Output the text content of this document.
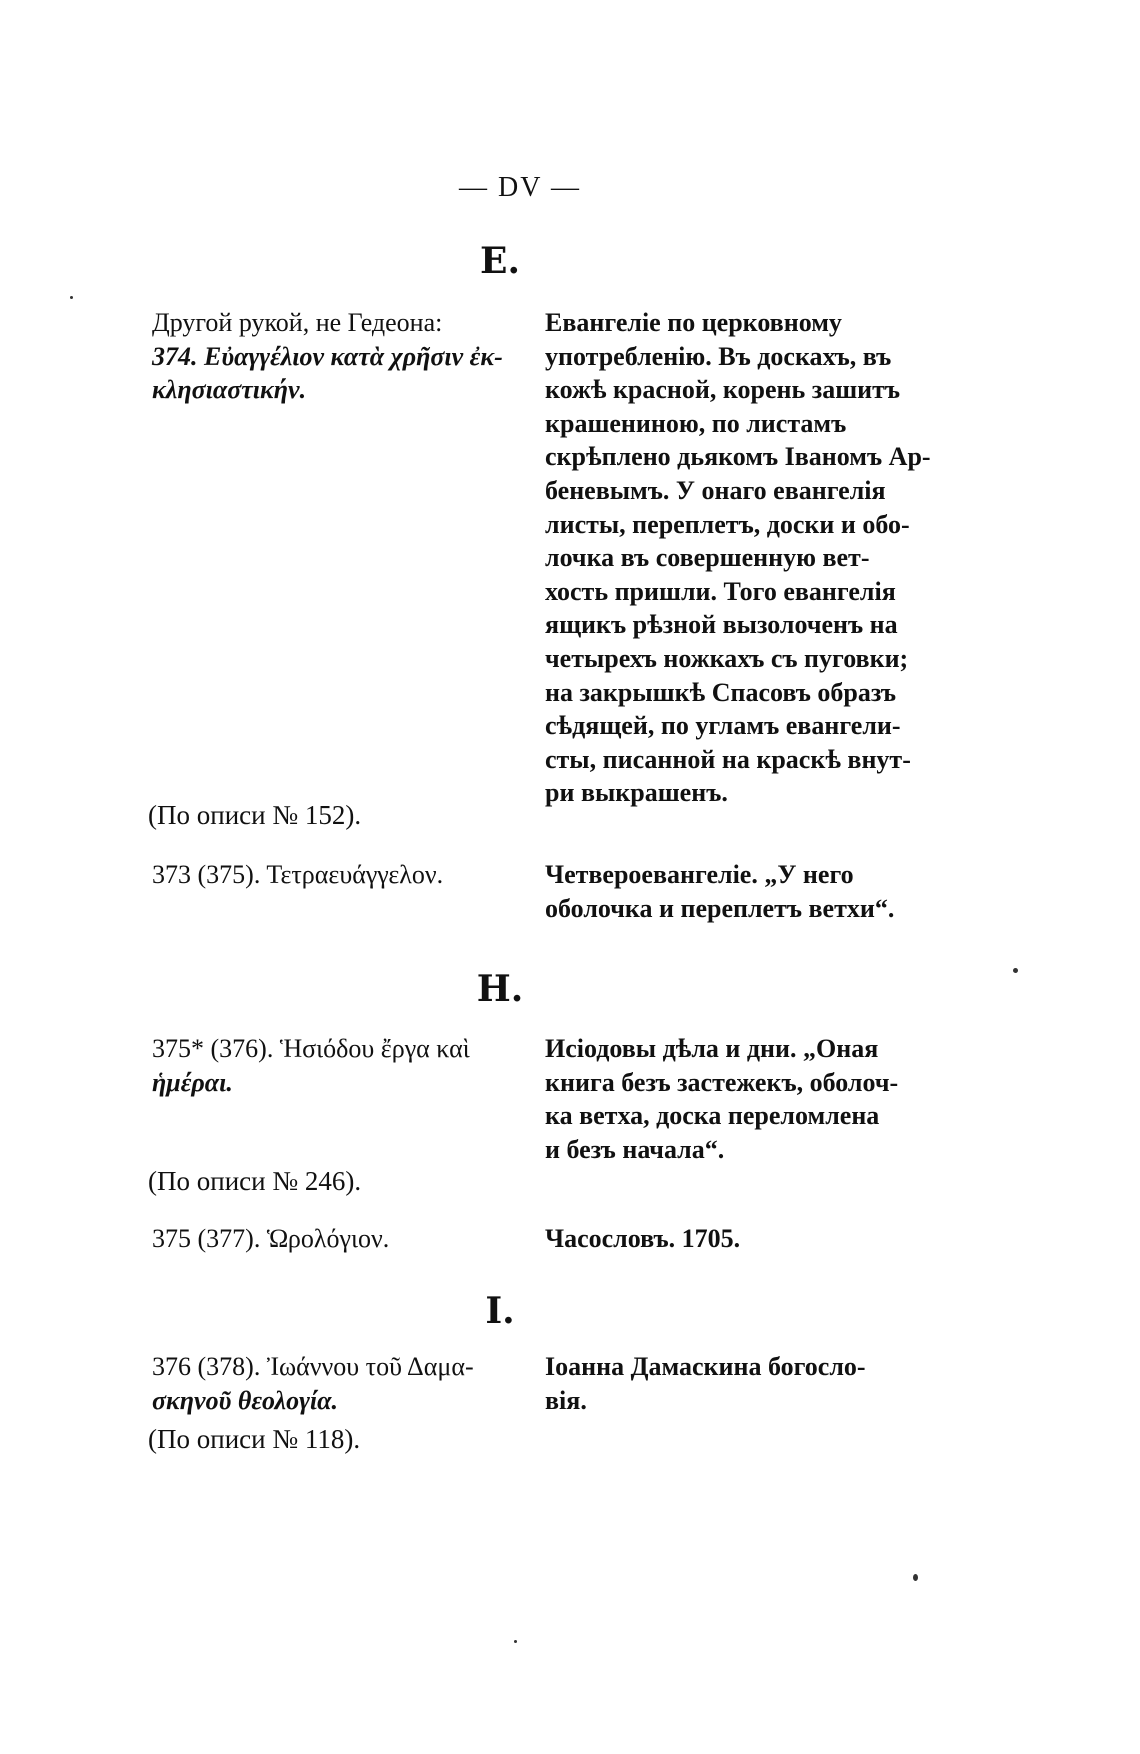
— DV —
E.
Другой рукой, не Гедеона:
374. Εὐαγγέλιον κατὰ χρῆσιν ἐκ-
κλησιαστικήν.
Евангеліе по церковному
употребленію. Въ доскахъ, въ
кожѣ красной, корень зашитъ
крашениною, по листамъ
скрѣплено дьякомъ Іваномъ Ар-
беневымъ. У онаго евангелія
листы, переплетъ, доски и обо-
лочка въ совершенную вет-
хость пришли. Того евангелія
ящикъ рѣзной вызолоченъ на
четырехъ ножкахъ съ пуговки;
на закрышкѣ Спасовъ образъ
сѣдящей, по угламъ евангели-
сты, писанной на краскѣ внут-
ри выкрашенъ.
(По описи № 152).
373 (375). Τετραευάγγελον.	Четвероевангеліе. „У него
оболочка и переплетъ ветхи“.
H.
375* (376). Ἡσιόδου ἔργα καὶ
ἡμέραι.
Исіодовы дѣла и дни. „Оная
книга безъ застежекъ, оболоч-
ка ветха, доска переломлена
и безъ начала“.
(По описи № 246).
375 (377). Ὡρολόγιον.	Часословъ. 1705.
I.
376 (378). Ἰωάννου τοῦ Δαμα-
σκηνοῦ θεολογία.
Іоанна Дамаскина богосло-
вія.
(По описи № 118).
